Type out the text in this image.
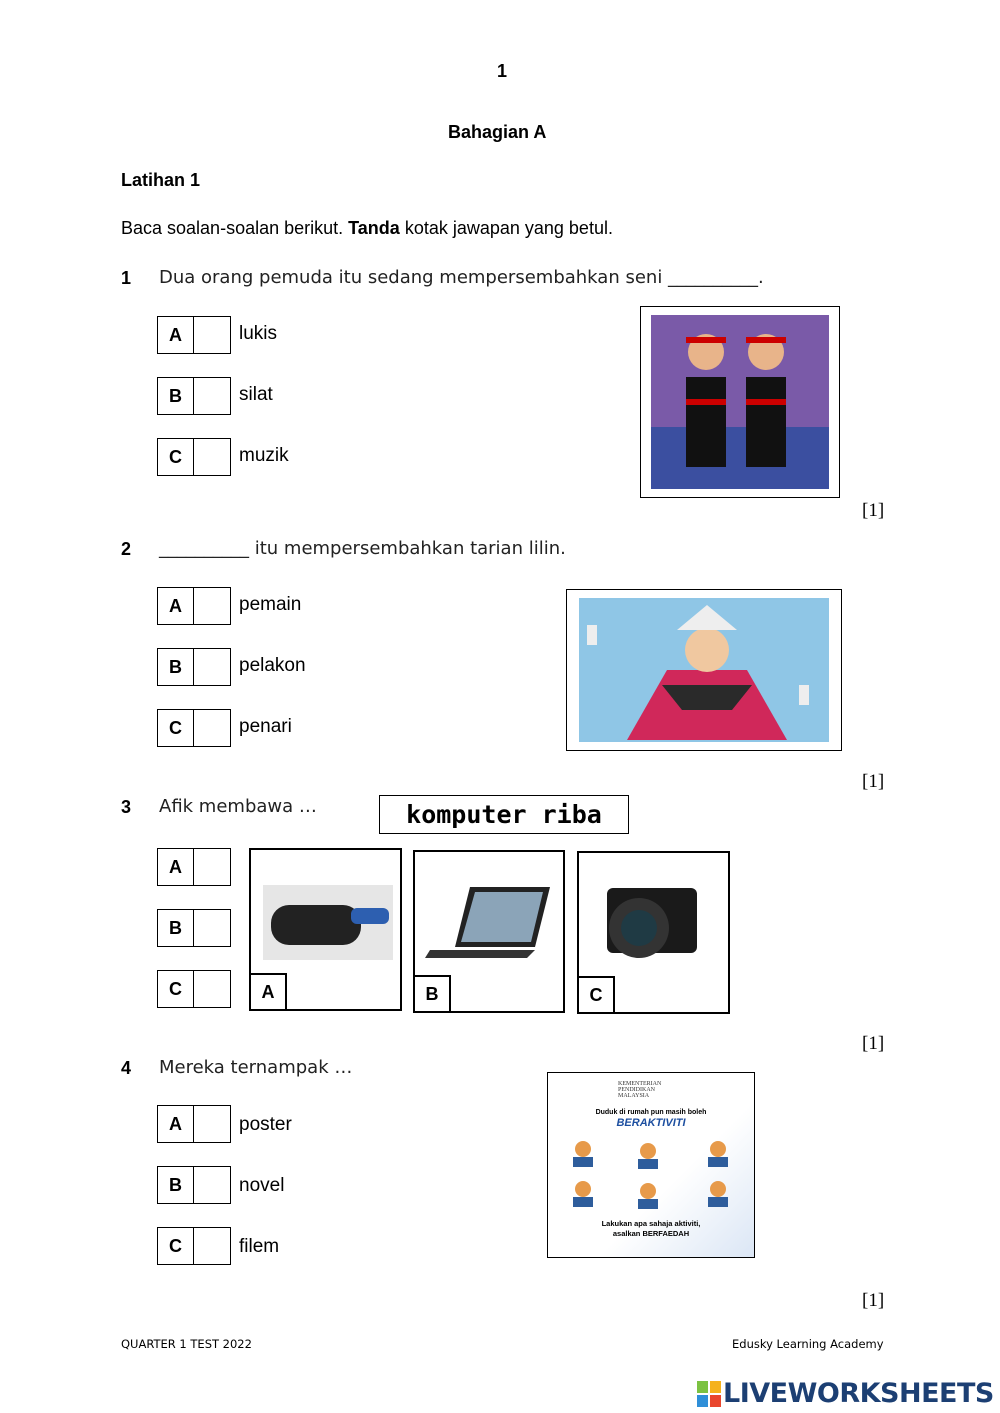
1
Bahagian A
Latihan 1
Baca soalan-soalan berikut. Tanda kotak jawapan yang betul.
1 Dua orang pemuda itu sedang mempersembahkan seni __________.
A	lukis
B	silat
C	muzik
[1]
2 __________ itu mempersembahkan tarian lilin.
A	pemain
B	pelakon
C	penari
[1]
3 Afik membawa …	komputer riba
A
B
C	A	B	C
[1]
4 Mereka ternampak …
A	poster
B	novel
C	filem
KEMENTERIAN PENDIDIKAN MALAYSIA
Duduk di rumah pun masih boleh
BERAKTIVITI
Lakukan apa sahaja aktiviti,
asalkan BERFAEDAH
[1]
QUARTER 1 TEST 2022	Edusky Learning Academy
LIVEWORKSHEETS
